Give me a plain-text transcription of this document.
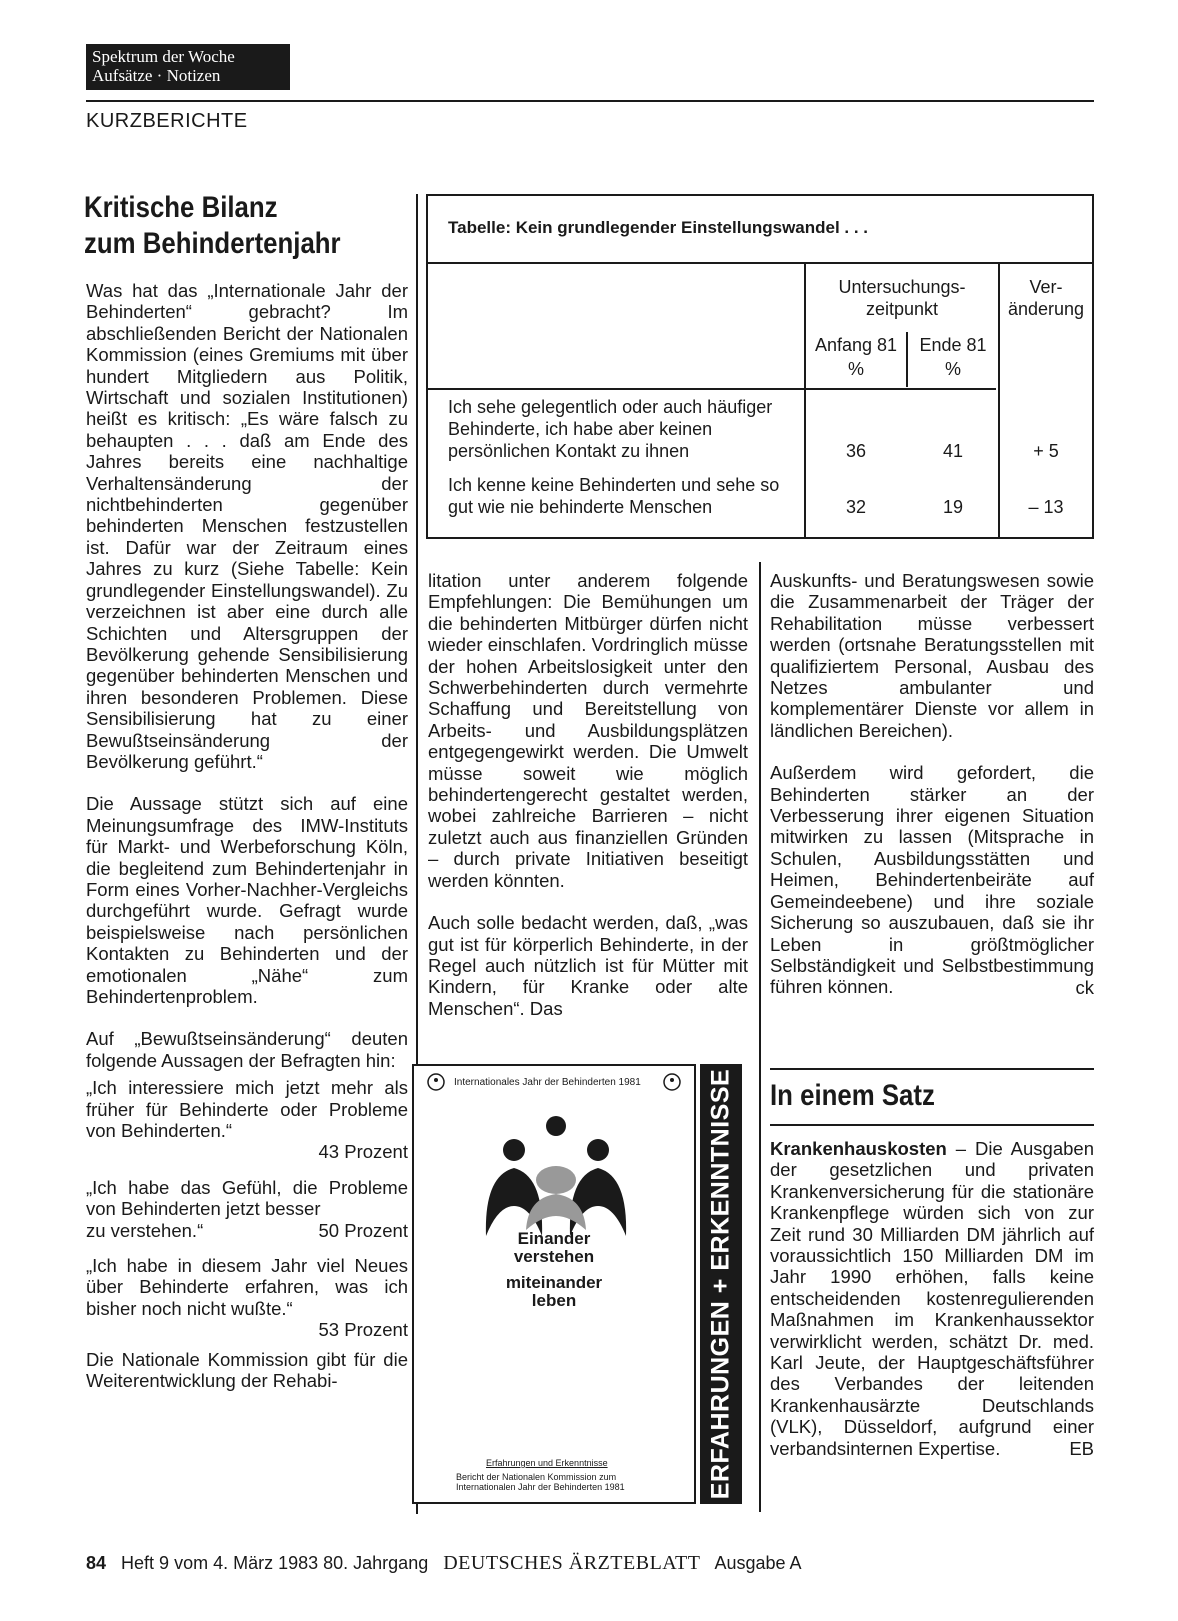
Spektrum der Woche
Aufsätze · Notizen
KURZBERICHTE
Kritische Bilanz
zum Behindertenjahr

Was hat das „Internationale Jahr der Behinderten“ gebracht? Im abschließenden Bericht der Nationalen Kommission (eines Gremiums mit über hundert Mitgliedern aus Politik, Wirtschaft und sozialen Institutionen) heißt es kritisch: „Es wäre falsch zu behaupten . . . daß am Ende des Jahres bereits eine nachhaltige Verhaltensänderung der nichtbehinderten gegenüber behinderten Menschen festzustellen ist. Dafür war der Zeitraum eines Jahres zu kurz (Siehe Tabelle: Kein grundlegender Einstellungswandel). Zu verzeichnen ist aber eine durch alle Schichten und Altersgruppen der Bevölkerung gehende Sensibilisierung gegenüber behinderten Menschen und ihren besonderen Problemen. Diese Sensibilisierung hat zu einer Bewußtseinsänderung der Bevölkerung geführt.“

Die Aussage stützt sich auf eine Meinungsumfrage des IMW-Instituts für Markt- und Werbeforschung Köln, die begleitend zum Behindertenjahr in Form eines Vorher-Nachher-Vergleichs durchgeführt wurde. Gefragt wurde beispielsweise nach persönlichen Kontakten zu Behinderten und der emotionalen „Nähe“ zum Behindertenproblem.

Auf „Bewußtseinsänderung“ deuten folgende Aussagen der Befragten hin:

„Ich interessiere mich jetzt mehr als früher für Behinderte oder Probleme von Behinderten.“
43 Prozent
„Ich habe das Gefühl, die Probleme von Behinderten jetzt besser
zu verstehen.“	50 Prozent
„Ich habe in diesem Jahr viel Neues über Behinderte erfahren, was ich bisher noch nicht wußte.“
53 Prozent

Die Nationale Kommission gibt für die Weiterentwicklung der Rehabi-

Tabelle: Kein grundlegender Einstellungswandel . . .
Untersuchungs-zeitpunkt
Ver-änderung
Anfang 81	Ende 81
%	%
Ich sehe gelegentlich oder auch häufiger Behinderte, ich habe aber keinen persönlichen Kontakt zu ihnen	36	41	+ 5
Ich kenne keine Behinderten und sehe so gut wie nie behinderte Menschen	32	19	– 13

litation unter anderem folgende Empfehlungen: Die Bemühungen um die behinderten Mitbürger dürfen nicht wieder einschlafen. Vordringlich müsse der hohen Arbeitslosigkeit unter den Schwerbehinderten durch vermehrte Schaffung und Bereitstellung von Arbeits- und Ausbildungsplätzen entgegengewirkt werden. Die Umwelt müsse soweit wie möglich behindertengerecht gestaltet werden, wobei zahlreiche Barrieren – nicht zuletzt auch aus finanziellen Gründen – durch private Initiativen beseitigt werden könnten.

Auch solle bedacht werden, daß, „was gut ist für körperlich Behinderte, in der Regel auch nützlich ist für Mütter mit Kindern, für Kranke oder alte Menschen“. Das

Auskunfts- und Beratungswesen sowie die Zusammenarbeit der Träger der Rehabilitation müsse verbessert werden (ortsnahe Beratungsstellen mit qualifiziertem Personal, Ausbau des Netzes ambulanter und komplementärer Dienste vor allem in ländlichen Bereichen).

Außerdem wird gefordert, die Behinderten stärker an der Verbesserung ihrer eigenen Situation mitwirken zu lassen (Mitsprache in Schulen, Ausbildungsstätten und Heimen, Behindertenbeiräte auf Gemeindeebene) und ihre soziale Sicherung so auszubauen, daß sie ihr Leben in größtmöglicher Selbständigkeit und Selbstbestimmung führen können.	ck
Internationales Jahr der Behinderten 1981
Einander
verstehen
miteinander
leben
Erfahrungen und Erkenntnisse
Bericht der Nationalen Kommission zum
Internationalen Jahr der Behinderten 1981	ERFAHRUNGEN + ERKENNTNISSE In einem Satz
Krankenhauskosten – Die Ausgaben der gesetzlichen und privaten Krankenversicherung für die stationäre Krankenpflege würden sich von zur Zeit rund 30 Milliarden DM jährlich auf voraussichtlich 150 Milliarden DM im Jahr 1990 erhöhen, falls keine entscheidenden kostenregulierenden Maßnahmen im Krankenhaussektor verwirklicht werden, schätzt Dr. med. Karl Jeute, der Hauptgeschäftsführer des Verbandes der leitenden Krankenhausärzte Deutschlands (VLK), Düsseldorf, aufgrund einer verbandsinternen Expertise.	EB
84 Heft 9 vom 4. März 1983 80. Jahrgang DEUTSCHES ÄRZTEBLATT Ausgabe A
